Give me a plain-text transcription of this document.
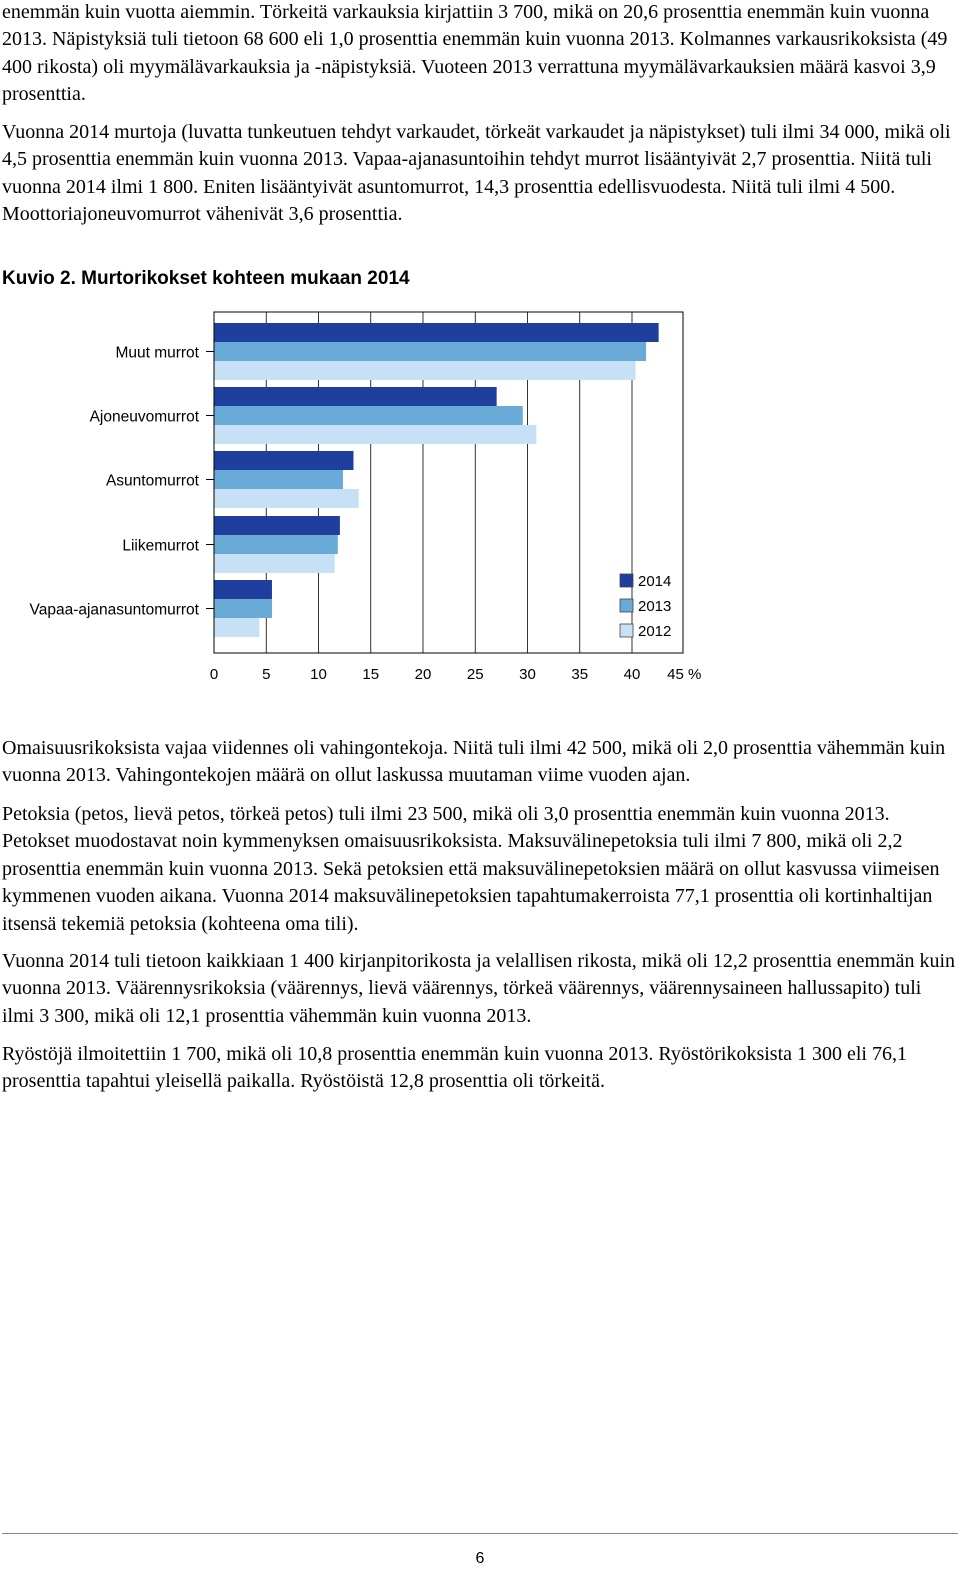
enemmän kuin vuotta aiemmin. Törkeitä varkauksia kirjattiin 3 700, mikä on 20,6 prosenttia enemmän kuin vuonna 2013. Näpistyksiä tuli tietoon 68 600 eli 1,0 prosenttia enemmän kuin vuonna 2013. Kolmannes varkausrikoksista (49 400 rikosta) oli myymälävarkauksia ja -näpistyksiä. Vuoteen 2013 verrattuna myymälävarkauksien määrä kasvoi 3,9 prosenttia.

Vuonna 2014 murtoja (luvatta tunkeutuen tehdyt varkaudet, törkeät varkaudet ja näpistykset) tuli ilmi 34 000, mikä oli 4,5 prosenttia enemmän kuin vuonna 2013. Vapaa-ajanasuntoihin tehdyt murrot lisääntyivät 2,7 prosenttia. Niitä tuli vuonna 2014 ilmi 1 800. Eniten lisääntyivät asuntomurrot, 14,3 prosenttia edellisvuodesta. Niitä tuli ilmi 4 500. Moottoriajoneuvomurrot vähenivät 3,6 prosenttia.

Kuvio 2. Murtorikokset kohteen mukaan 2014

0	5	10 15 20 25 30 35 40 45 %
Muut murrot
Ajoneuvomurrot
Asuntomurrot
Liikemurrot
Vapaa-ajanasuntomurrot
2014
2013
2012

Omaisuusrikoksista vajaa viidennes oli vahingontekoja. Niitä tuli ilmi 42 500, mikä oli 2,0 prosenttia vähemmän kuin vuonna 2013. Vahingontekojen määrä on ollut laskussa muutaman viime vuoden ajan.

Petoksia (petos, lievä petos, törkeä petos) tuli ilmi 23 500, mikä oli 3,0 prosenttia enemmän kuin vuonna 2013. Petokset muodostavat noin kymmenyksen omaisuusrikoksista. Maksuvälinepetoksia tuli ilmi 7 800, mikä oli 2,2 prosenttia enemmän kuin vuonna 2013. Sekä petoksien että maksuvälinepetoksien määrä on ollut kasvussa viimeisen kymmenen vuoden aikana. Vuonna 2014 maksuvälinepetoksien tapahtumakerroista 77,1 prosenttia oli kortinhaltijan itsensä tekemiä petoksia (kohteena oma tili).

Vuonna 2014 tuli tietoon kaikkiaan 1 400 kirjanpitorikosta ja velallisen rikosta, mikä oli 12,2 prosenttia enemmän kuin vuonna 2013. Väärennysrikoksia (väärennys, lievä väärennys, törkeä väärennys, väärennysaineen hallussapito) tuli ilmi 3 300, mikä oli 12,1 prosenttia vähemmän kuin vuonna 2013.

Ryöstöjä ilmoitettiin 1 700, mikä oli 10,8 prosenttia enemmän kuin vuonna 2013. Ryöstörikoksista 1 300 eli 76,1 prosenttia tapahtui yleisellä paikalla. Ryöstöistä 12,8 prosenttia oli törkeitä.

6
